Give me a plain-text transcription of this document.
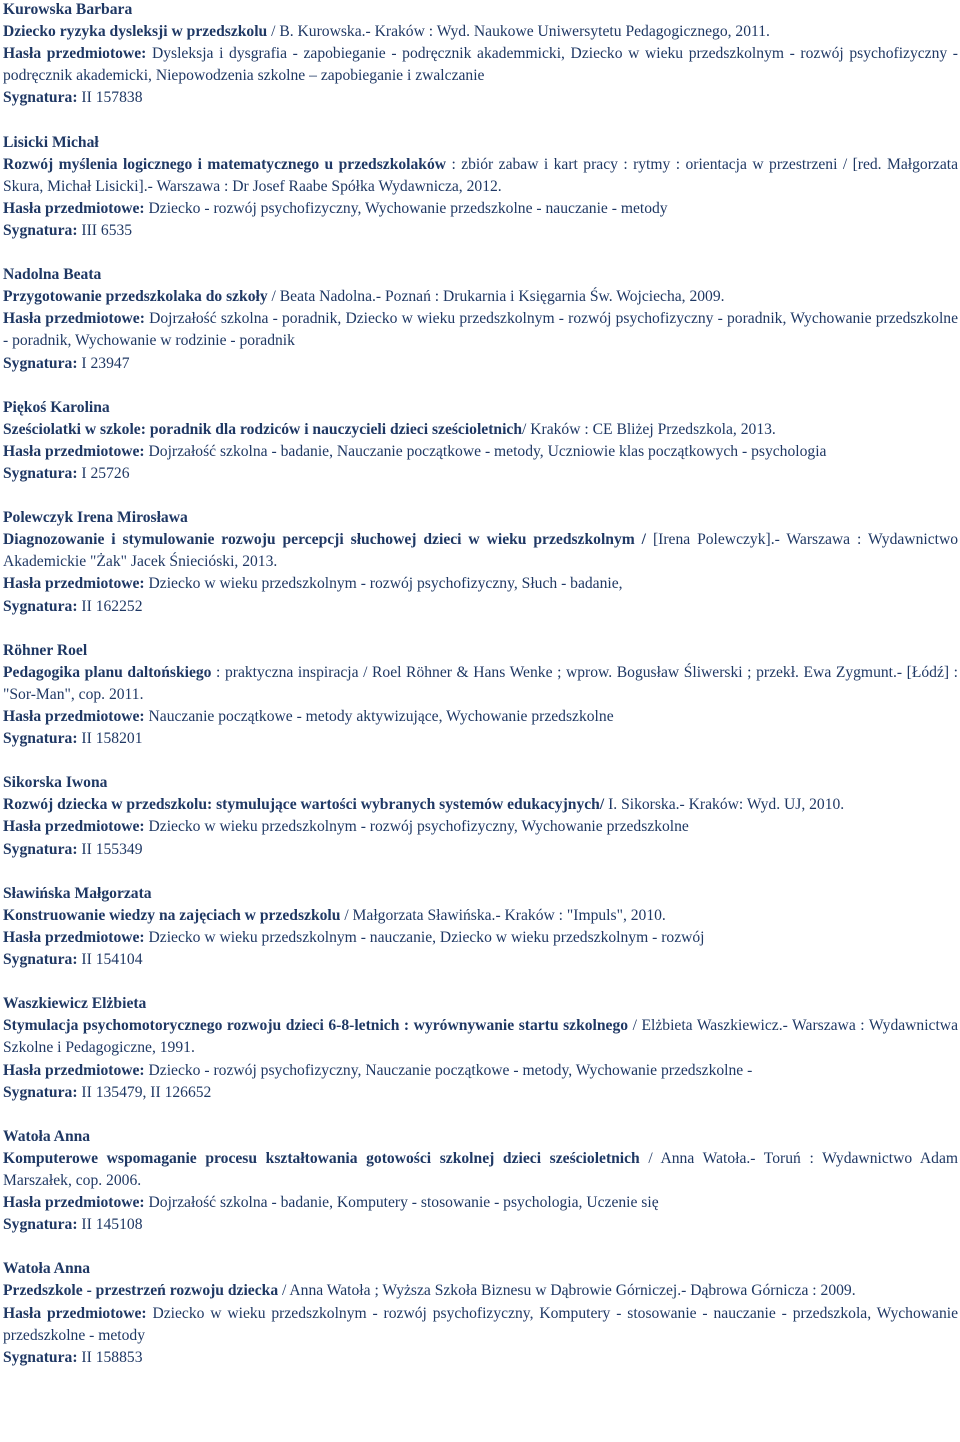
Kurowska Barbara
Dziecko ryzyka dysleksji w przedszkolu / B. Kurowska.- Kraków : Wyd. Naukowe Uniwersytetu Pedagogicznego, 2011.
Hasła przedmiotowe: Dysleksja i dysgrafia - zapobieganie - podręcznik akademmicki, Dziecko w wieku przedszkolnym - rozwój psychofizyczny - podręcznik akademicki, Niepowodzenia szkolne – zapobieganie i zwalczanie
Sygnatura: II 157838
Lisicki Michał
Rozwój myślenia logicznego i matematycznego u przedszkolaków : zbiór zabaw i kart pracy : rytmy : orientacja w przestrzeni / [red. Małgorzata Skura, Michał Lisicki].- Warszawa : Dr Josef Raabe Spółka Wydawnicza, 2012.
Hasła przedmiotowe: Dziecko - rozwój psychofizyczny, Wychowanie przedszkolne - nauczanie - metody
Sygnatura: III 6535
Nadolna Beata
Przygotowanie przedszkolaka do szkoły / Beata Nadolna.- Poznań : Drukarnia i Księgarnia Św. Wojciecha, 2009.
Hasła przedmiotowe: Dojrzałość szkolna - poradnik, Dziecko w wieku przedszkolnym - rozwój psychofizyczny - poradnik, Wychowanie przedszkolne - poradnik, Wychowanie w rodzinie - poradnik
Sygnatura: I 23947
Piękoś Karolina
Sześciolatki w szkole: poradnik dla rodziców i nauczycieli dzieci sześcioletnich/ Kraków : CE Bliżej Przedszkola, 2013.
Hasła przedmiotowe: Dojrzałość szkolna - badanie, Nauczanie początkowe - metody, Uczniowie klas początkowych - psychologia
Sygnatura: I 25726
Polewczyk Irena Mirosława
Diagnozowanie i stymulowanie rozwoju percepcji słuchowej dzieci w wieku przedszkolnym / [Irena Polewczyk].- Warszawa : Wydawnictwo Akademickie "Żak" Jacek Śniecióski, 2013.
Hasła przedmiotowe: Dziecko w wieku przedszkolnym - rozwój psychofizyczny, Słuch - badanie,
Sygnatura: II 162252
Röhner Roel
Pedagogika planu daltońskiego : praktyczna inspiracja / Roel Röhner & Hans Wenke ; wprow. Bogusław Śliwerski ; przekł. Ewa Zygmunt.- [Łódź] : "Sor-Man", cop. 2011.
Hasła przedmiotowe: Nauczanie początkowe - metody aktywizujące, Wychowanie przedszkolne
Sygnatura: II 158201
Sikorska Iwona
Rozwój dziecka w przedszkolu: stymulujące wartości wybranych systemów edukacyjnych/ I. Sikorska.- Kraków: Wyd. UJ, 2010.
Hasła przedmiotowe: Dziecko w wieku przedszkolnym - rozwój psychofizyczny, Wychowanie przedszkolne
Sygnatura: II 155349
Sławińska Małgorzata
Konstruowanie wiedzy na zajęciach w przedszkolu / Małgorzata Sławińska.- Kraków : "Impuls", 2010.
Hasła przedmiotowe: Dziecko w wieku przedszkolnym - nauczanie, Dziecko w wieku przedszkolnym - rozwój
Sygnatura: II 154104
Waszkiewicz Elżbieta
Stymulacja psychomotorycznego rozwoju dzieci 6-8-letnich : wyrównywanie startu szkolnego / Elżbieta Waszkiewicz.- Warszawa : Wydawnictwa Szkolne i Pedagogiczne, 1991.
Hasła przedmiotowe: Dziecko - rozwój psychofizyczny, Nauczanie początkowe - metody, Wychowanie przedszkolne -
Sygnatura: II 135479, II 126652
Watoła Anna
Komputerowe wspomaganie procesu kształtowania gotowości szkolnej dzieci sześcioletnich / Anna Watoła.- Toruń : Wydawnictwo Adam Marszałek, cop. 2006.
Hasła przedmiotowe: Dojrzałość szkolna - badanie, Komputery - stosowanie - psychologia, Uczenie się
Sygnatura: II 145108
Watoła Anna
Przedszkole - przestrzeń rozwoju dziecka / Anna Watoła ; Wyższa Szkoła Biznesu w Dąbrowie Górniczej.- Dąbrowa Górnicza : 2009.
Hasła przedmiotowe: Dziecko w wieku przedszkolnym - rozwój psychofizyczny, Komputery - stosowanie - nauczanie - przedszkola, Wychowanie przedszkolne - metody
Sygnatura: II 158853
